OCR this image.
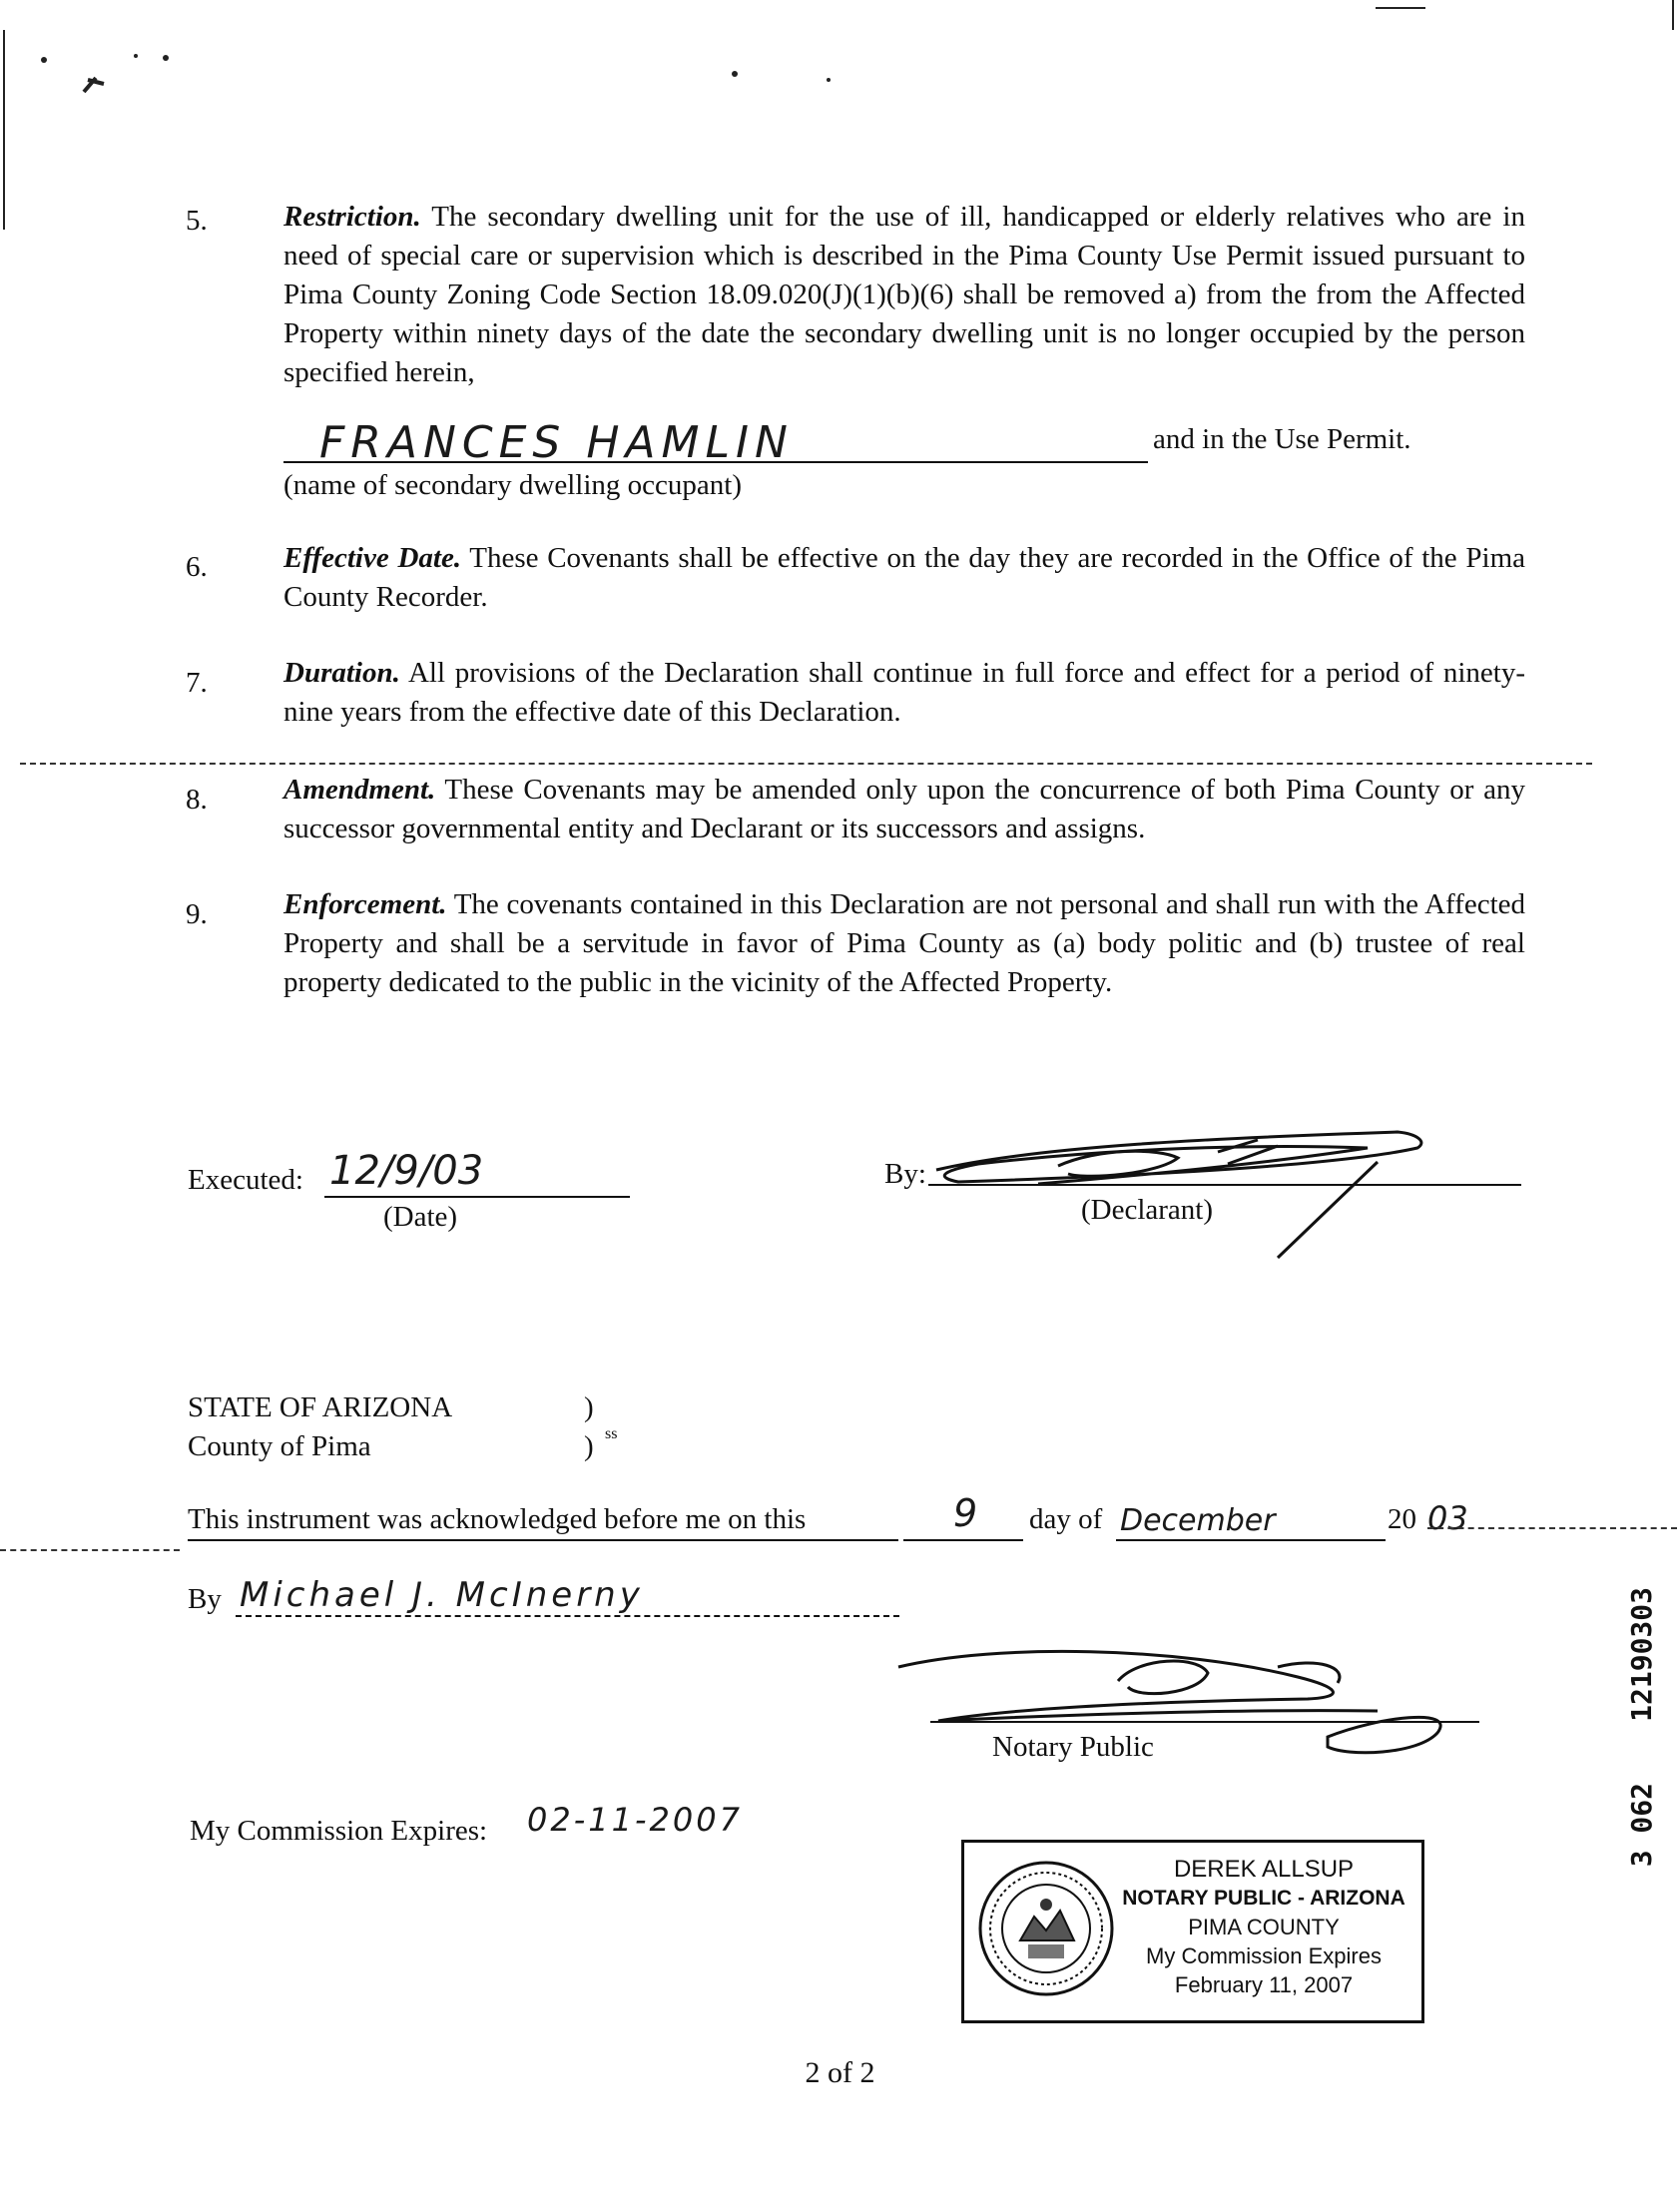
5.	Restriction. The secondary dwelling unit for the use of ill, handicapped or elderly relatives who are in need of special care or supervision which is described in the Pima County Use Permit issued pursuant to Pima County Zoning Code Section 18.09.020(J)(1)(b)(6) shall be removed a) from the from the Affected Property within ninety days of the date the secondary dwelling unit is no longer occupied by the person specified herein,
FRANCES HAMLIN	and in the Use Permit.
(name of secondary dwelling occupant)
6.	Effective Date. These Covenants shall be effective on the day they are recorded in the Office of the Pima County Recorder.
7.	Duration. All provisions of the Declaration shall continue in full force and effect for a period of ninety-nine years from the effective date of this Declaration.
8.	Amendment. These Covenants may be amended only upon the concurrence of both Pima County or any successor governmental entity and Declarant or its successors and assigns.
9.	Enforcement. The covenants contained in this Declaration are not personal and shall run with the Affected Property and shall be a servitude in favor of Pima County as (a) body politic and (b) trustee of real property dedicated to the public in the vicinity of the Affected Property.
Executed: 12/9/03
(Date)
By:
(Declarant)
STATE OF ARIZONA
County of Pima
)
) ss
This instrument was acknowledged before me on this	9 day of December	20 03
By Michael J. McInerny
Notary Public
My Commission Expires: 02-11-2007
DEREK ALLSUP
NOTARY PUBLIC - ARIZONA
PIMA COUNTY
My Commission Expires
February 11, 2007
12190303
3 062
2 of 2
